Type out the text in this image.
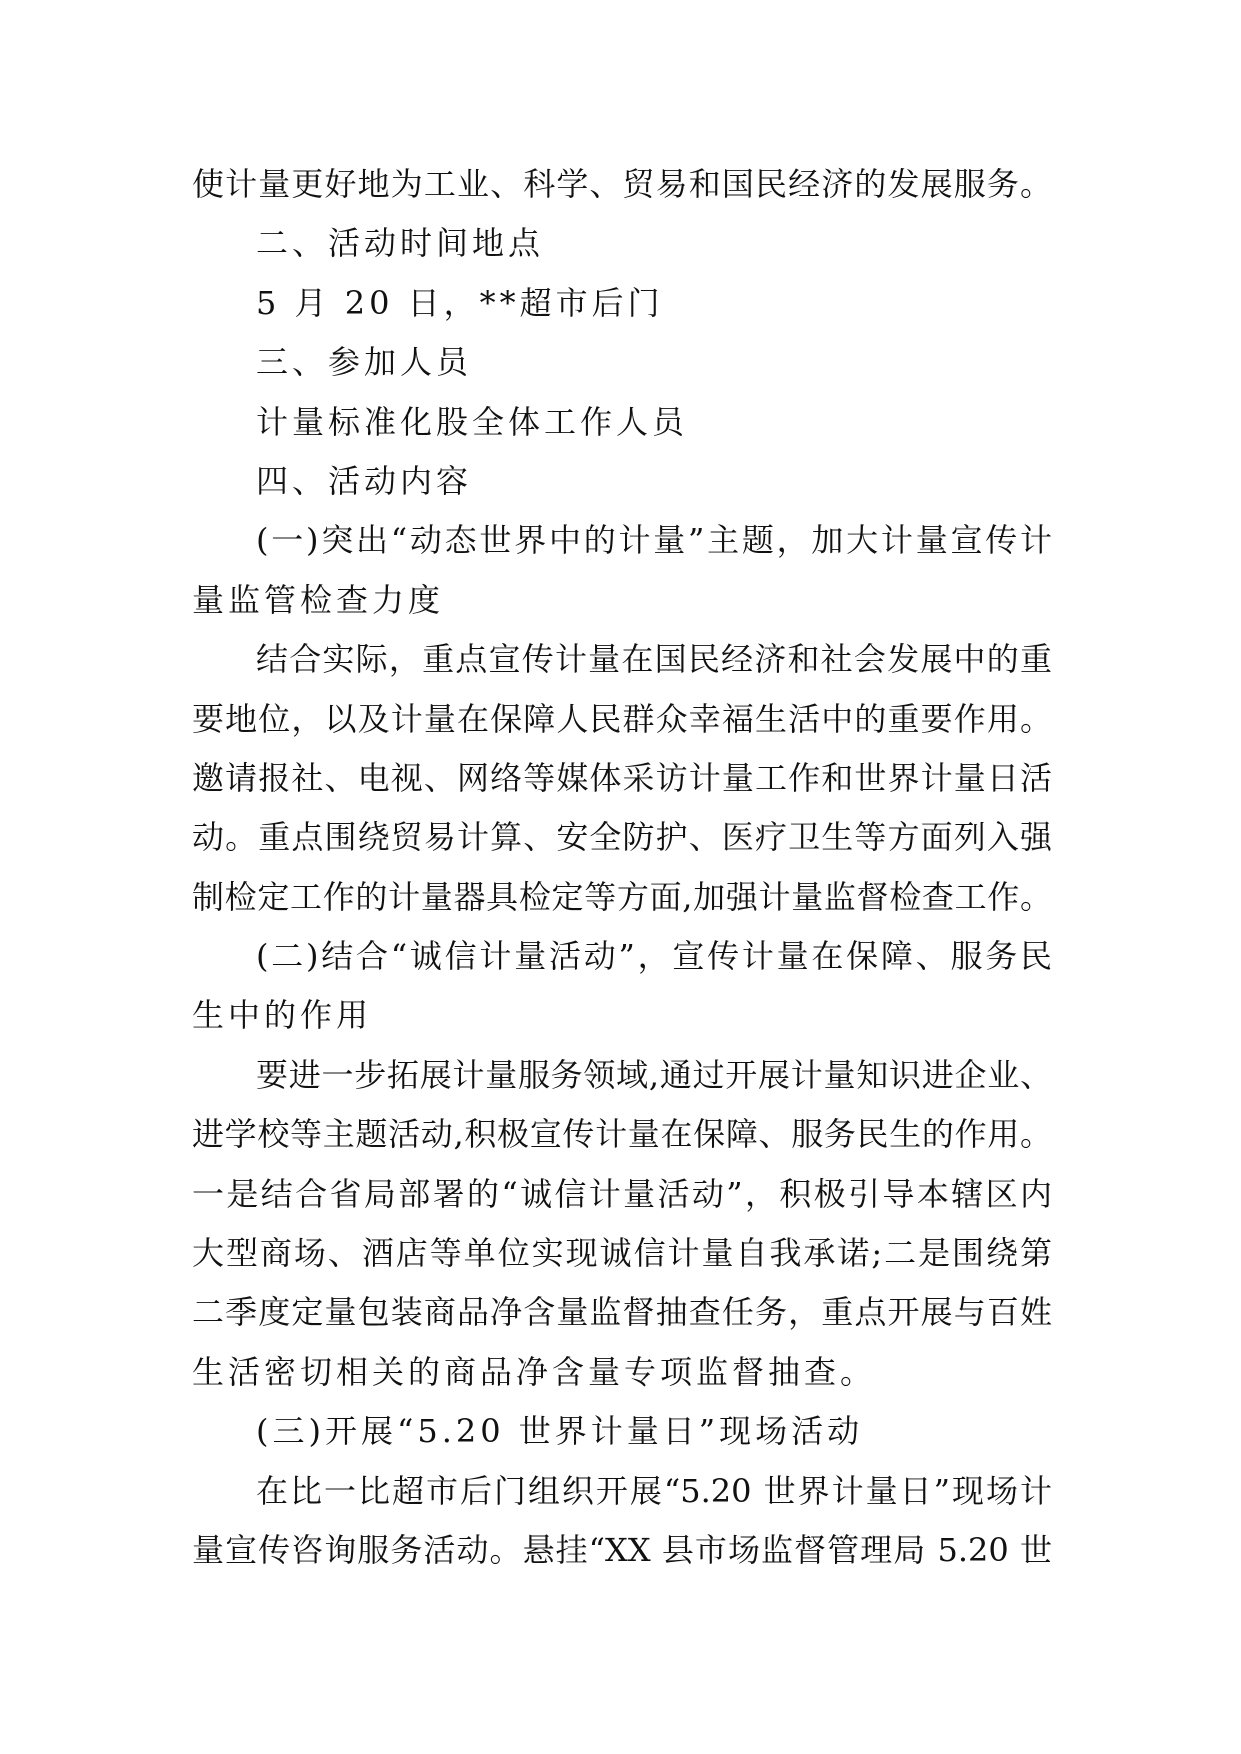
使计量更好地为工业、科学、贸易和国民经济的发展服务。
二、活动时间地点
5 月 20 日，**超市后门
三、参加人员
计量标准化股全体工作人员
四、活动内容
(一)突出“动态世界中的计量”主题，加大计量宣传计
量监管检查力度
结合实际，重点宣传计量在国民经济和社会发展中的重
要地位，以及计量在保障人民群众幸福生活中的重要作用。
邀请报社、电视、网络等媒体采访计量工作和世界计量日活
动。重点围绕贸易计算、安全防护、医疗卫生等方面列入强
制检定工作的计量器具检定等方面,加强计量监督检查工作。
(二)结合“诚信计量活动”，宣传计量在保障、服务民
生中的作用
要进一步拓展计量服务领域,通过开展计量知识进企业、
进学校等主题活动,积极宣传计量在保障、服务民生的作用。
一是结合省局部署的“诚信计量活动”，积极引导本辖区内
大型商场、酒店等单位实现诚信计量自我承诺;二是围绕第
二季度定量包装商品净含量监督抽查任务，重点开展与百姓
生活密切相关的商品净含量专项监督抽查。
(三)开展“5.20 世界计量日”现场活动
在比一比超市后门组织开展“5.20 世界计量日”现场计
量宣传咨询服务活动。悬挂“XX 县市场监督管理局 5.20 世
